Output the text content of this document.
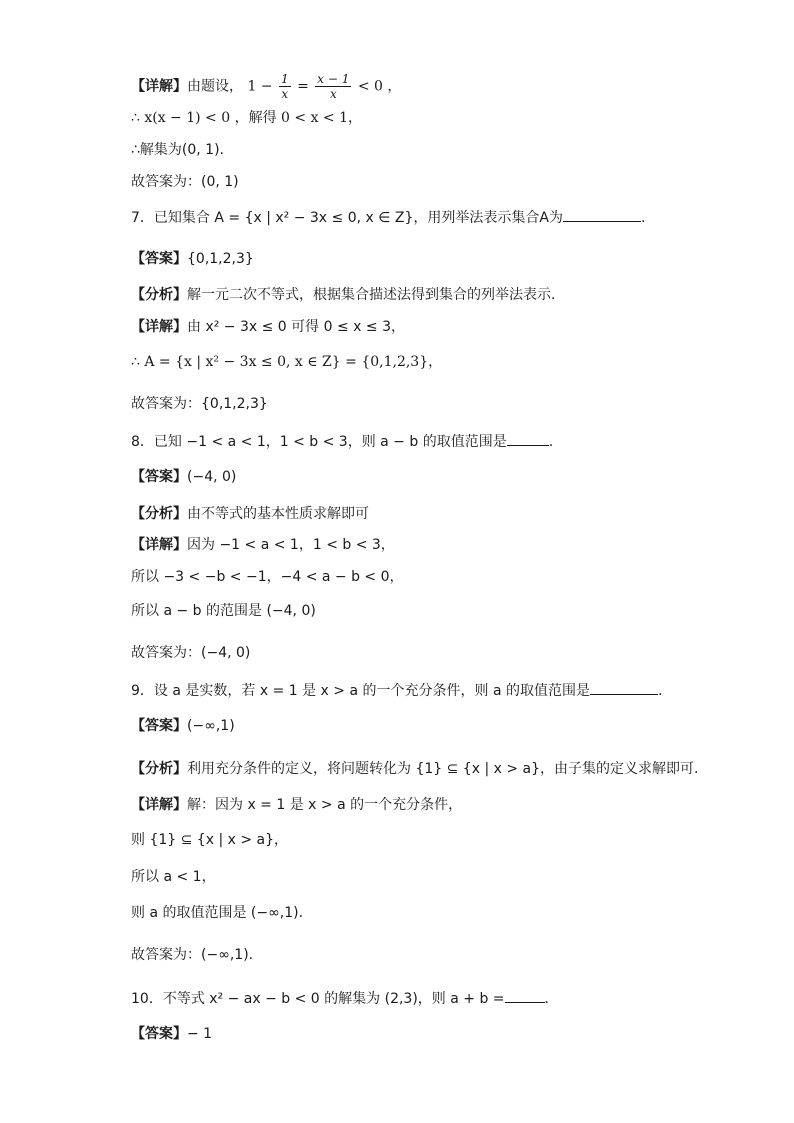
【详解】由题设， $1 - \frac{1}{x} = \frac{x - 1}{x} < 0$ ，
∴ x(x − 1) < 0 ，解得 0 < x < 1，
∴解集为(0, 1).
故答案为：(0, 1)
7．已知集合 A = {x | x² − 3x ≤ 0, x ∈ Z}，用列举法表示集合A为	.
【答案】{0,1,2,3}
【分析】解一元二次不等式，根据集合描述法得到集合的列举法表示.
【详解】由 x² − 3x ≤ 0 可得 0 ≤ x ≤ 3，
∴ A = {x | x² − 3x ≤ 0, x ∈ Z} = {0,1,2,3}，
故答案为：{0,1,2,3}
8．已知 −1 < a < 1，1 < b < 3，则 a − b 的取值范围是	.
【答案】(−4, 0)
【分析】由不等式的基本性质求解即可
【详解】因为 −1 < a < 1，1 < b < 3，
所以 −3 < −b < −1，−4 < a − b < 0，
所以 a − b 的范围是 (−4, 0)
故答案为：(−4, 0)
9．设 a 是实数，若 x = 1 是 x > a 的一个充分条件，则 a 的取值范围是	.
【答案】(−∞,1)
【分析】利用充分条件的定义，将问题转化为 {1} ⊆ {x | x > a}，由子集的定义求解即可.
【详解】解：因为 x = 1 是 x > a 的一个充分条件，
则 {1} ⊆ {x | x > a}，
所以 a < 1，
则 a 的取值范围是 (−∞,1).
故答案为：(−∞,1).
10．不等式 x² − ax − b < 0 的解集为 (2,3)，则 a + b =	.
【答案】− 1
